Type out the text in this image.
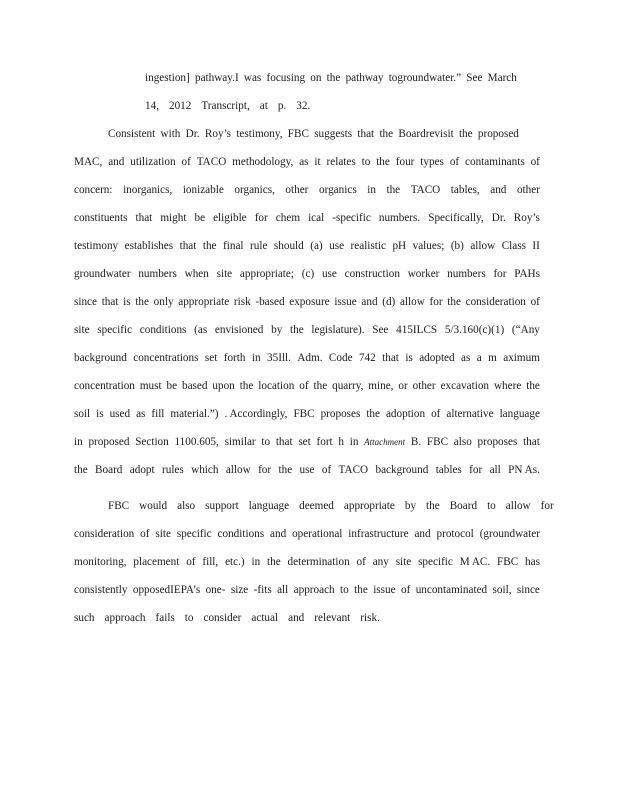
ingestion] pathway.I was focusing on the pathway togroundwater.” See March
14, 2012 Transcript, at p. 32.
Consistent with Dr. Roy’s testimony, FBC suggests that the Boardrevisit the proposed
MAC, and utilization of TACO methodology, as it relates to the four types of contaminants of
concern: inorganics, ionizable organics, other organics in the TACO tables, and other
constituents that might be eligible for chem ical -specific numbers. Specifically, Dr. Roy’s
testimony establishes that the final rule should (a) use realistic pH values; (b) allow Class II
groundwater numbers when site appropriate; (c) use construction worker numbers for PAHs
since that is the only appropriate risk -based exposure issue and (d) allow for the consideration of
site specific conditions (as envisioned by the legislature). See 415ILCS 5/3.160(c)(1) (“Any
background concentrations set forth in 35Ill. Adm. Code 742 that is adopted as a m aximum
concentration must be based upon the location of the quarry, mine, or other excavation where the
soil is used as fill material.”) . Accordingly, FBC proposes the adoption of alternative language
in proposed Section 1100.605, similar to that set fort h in Attachment B. FBC also proposes that
the Board adopt rules which allow for the use of TACO background tables for all PN As.
FBC would also support language deemed appropriate by the Board to allow for
consideration of site specific conditions and operational infrastructure and protocol (groundwater
monitoring, placement of fill, etc.) in the determination of any site specific M AC. FBC has
consistently opposedIEPA’s one- size -fits all approach to the issue of uncontaminated soil, since
such approach fails to consider actual and relevant risk.
